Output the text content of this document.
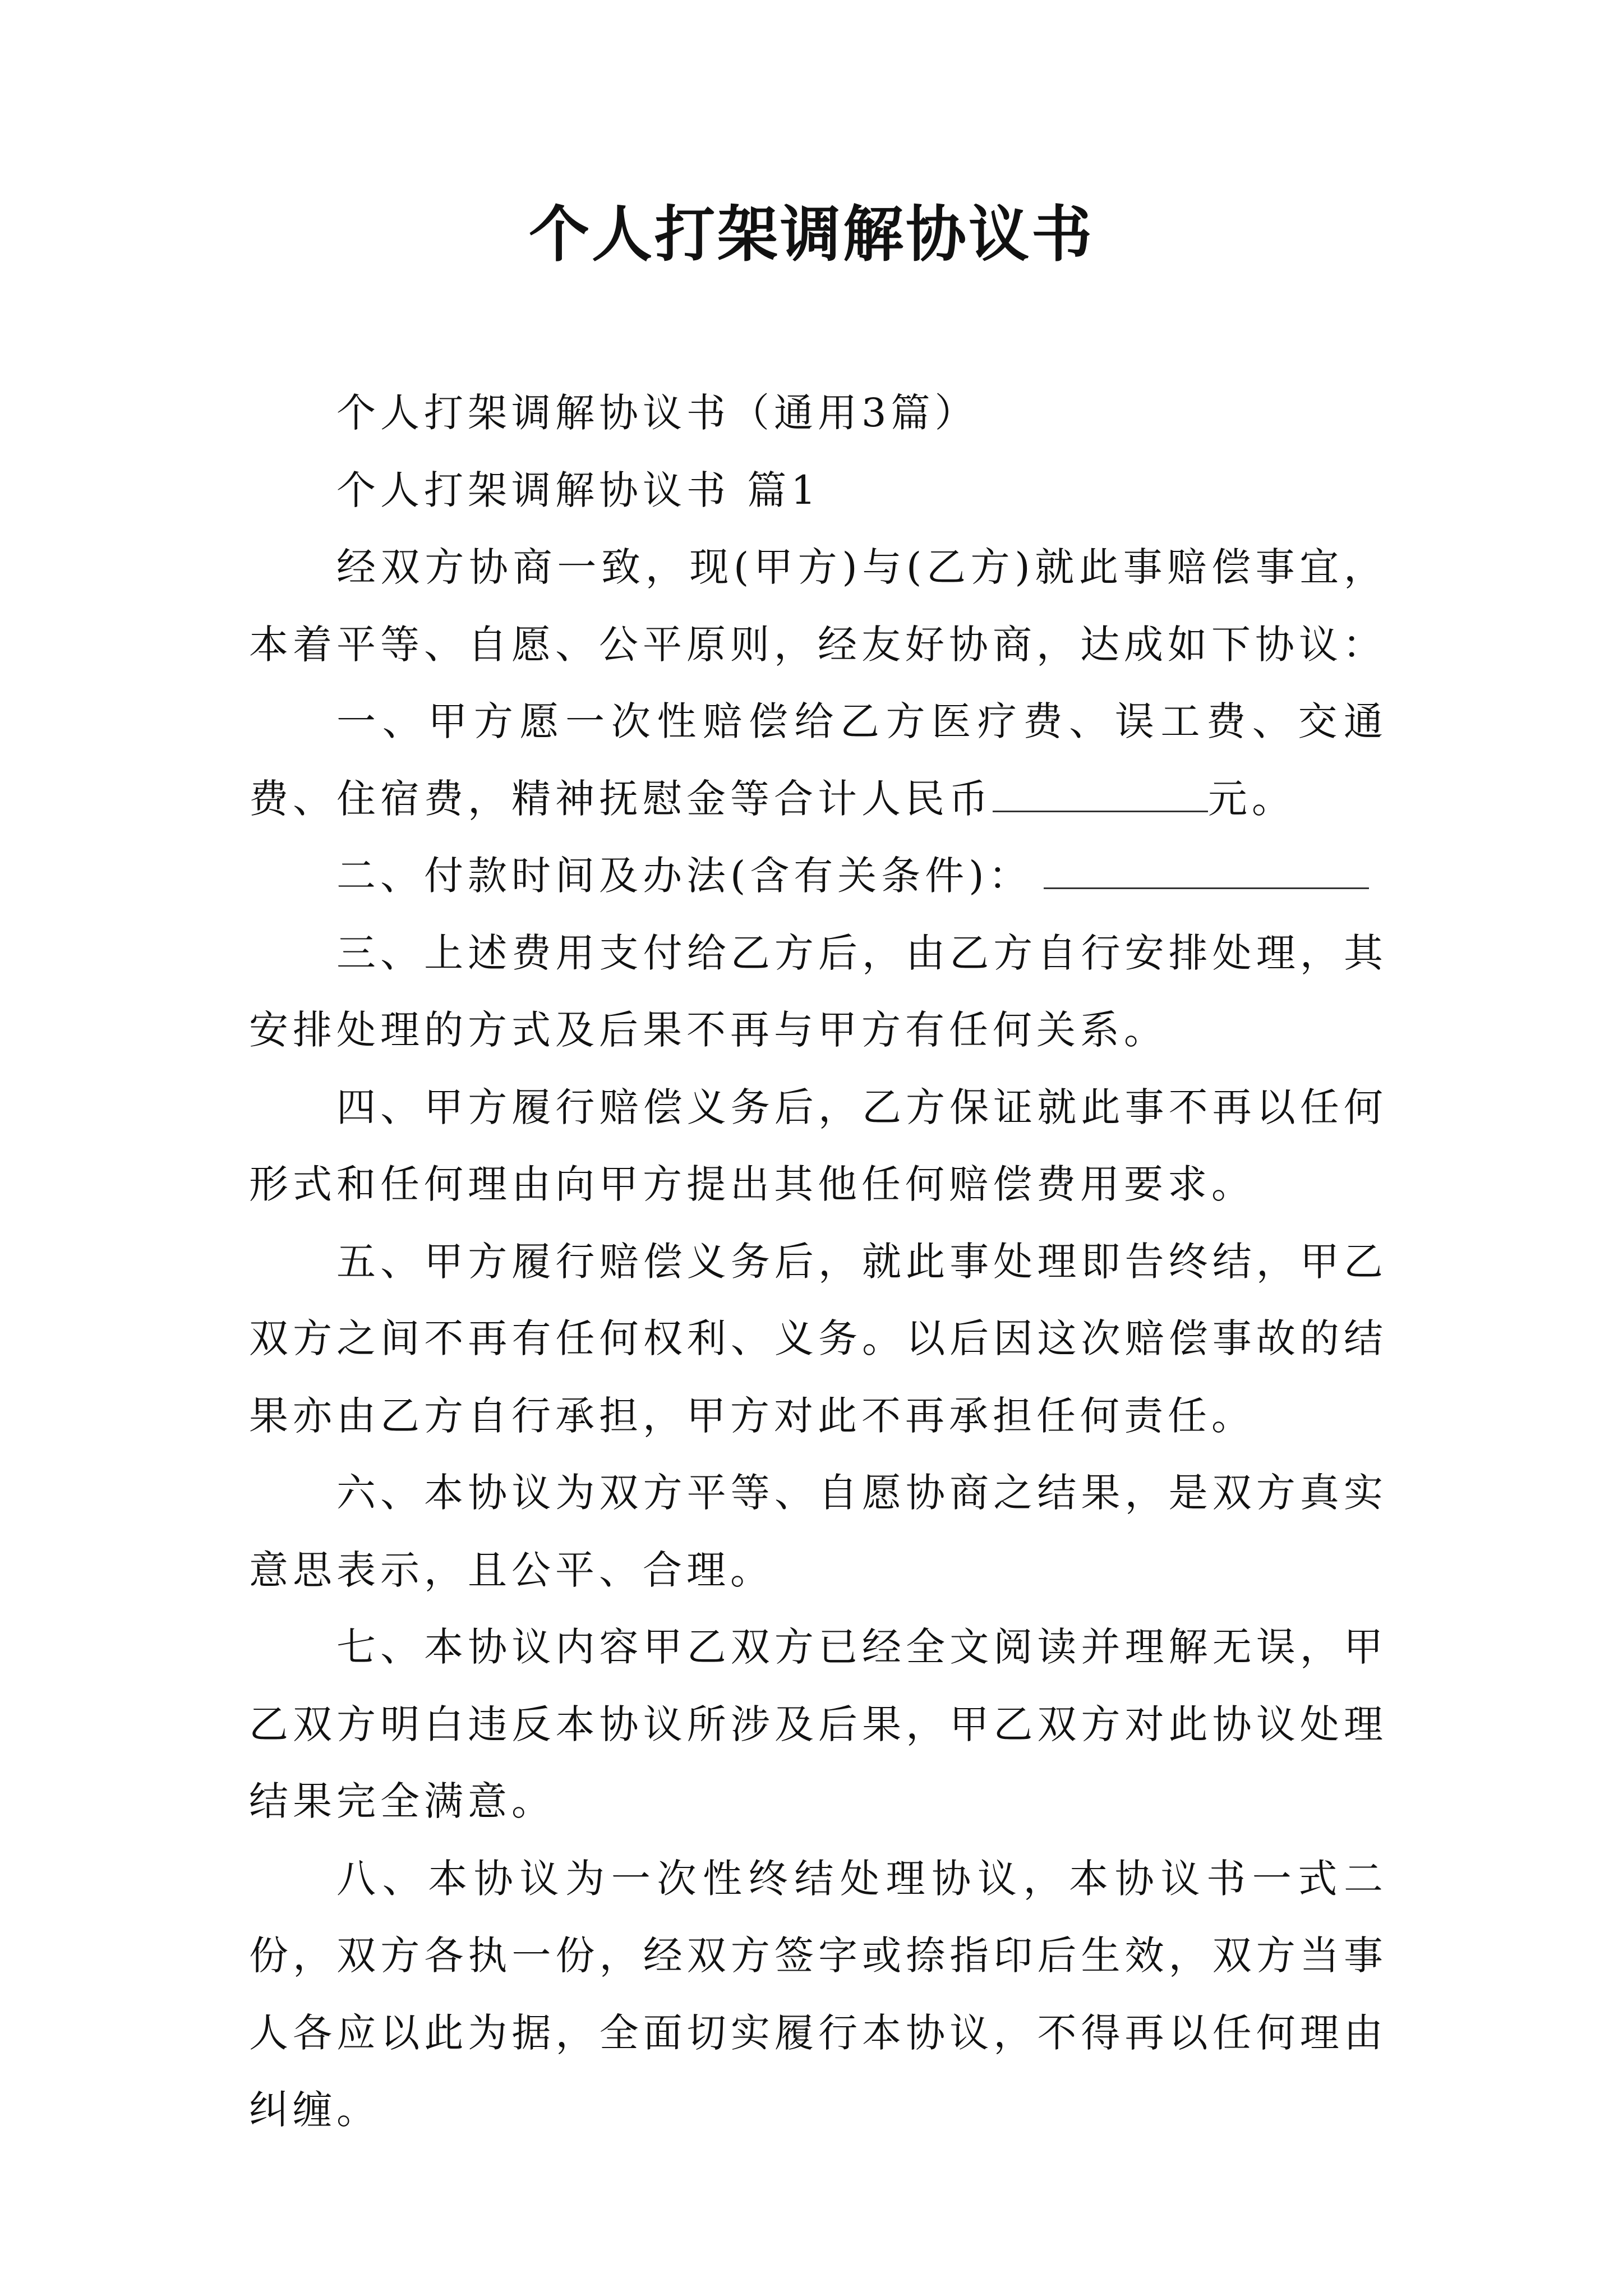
个人打架调解协议书

个人打架调解协议书（通用3篇）

个人打架调解协议书 篇1

经双方协商一致，现(甲方)与(乙方)就此事赔偿事宜，本着平等、自愿、公平原则，经友好协商，达成如下协议：

一、甲方愿一次性赔偿给乙方医疗费、误工费、交通费、住宿费，精神抚慰金等合计人民币	元。

二、付款时间及办法(含有关条件)：

三、上述费用支付给乙方后，由乙方自行安排处理，其安排处理的方式及后果不再与甲方有任何关系。

四、甲方履行赔偿义务后，乙方保证就此事不再以任何形式和任何理由向甲方提出其他任何赔偿费用要求。

五、甲方履行赔偿义务后，就此事处理即告终结，甲乙双方之间不再有任何权利、义务。以后因这次赔偿事故的结果亦由乙方自行承担，甲方对此不再承担任何责任。

六、本协议为双方平等、自愿协商之结果，是双方真实意思表示，且公平、合理。

七、本协议内容甲乙双方已经全文阅读并理解无误，甲乙双方明白违反本协议所涉及后果，甲乙双方对此协议处理结果完全满意。

八、本协议为一次性终结处理协议，本协议书一式二份，双方各执一份，经双方签字或捺指印后生效，双方当事人各应以此为据，全面切实履行本协议，不得再以任何理由纠缠。
